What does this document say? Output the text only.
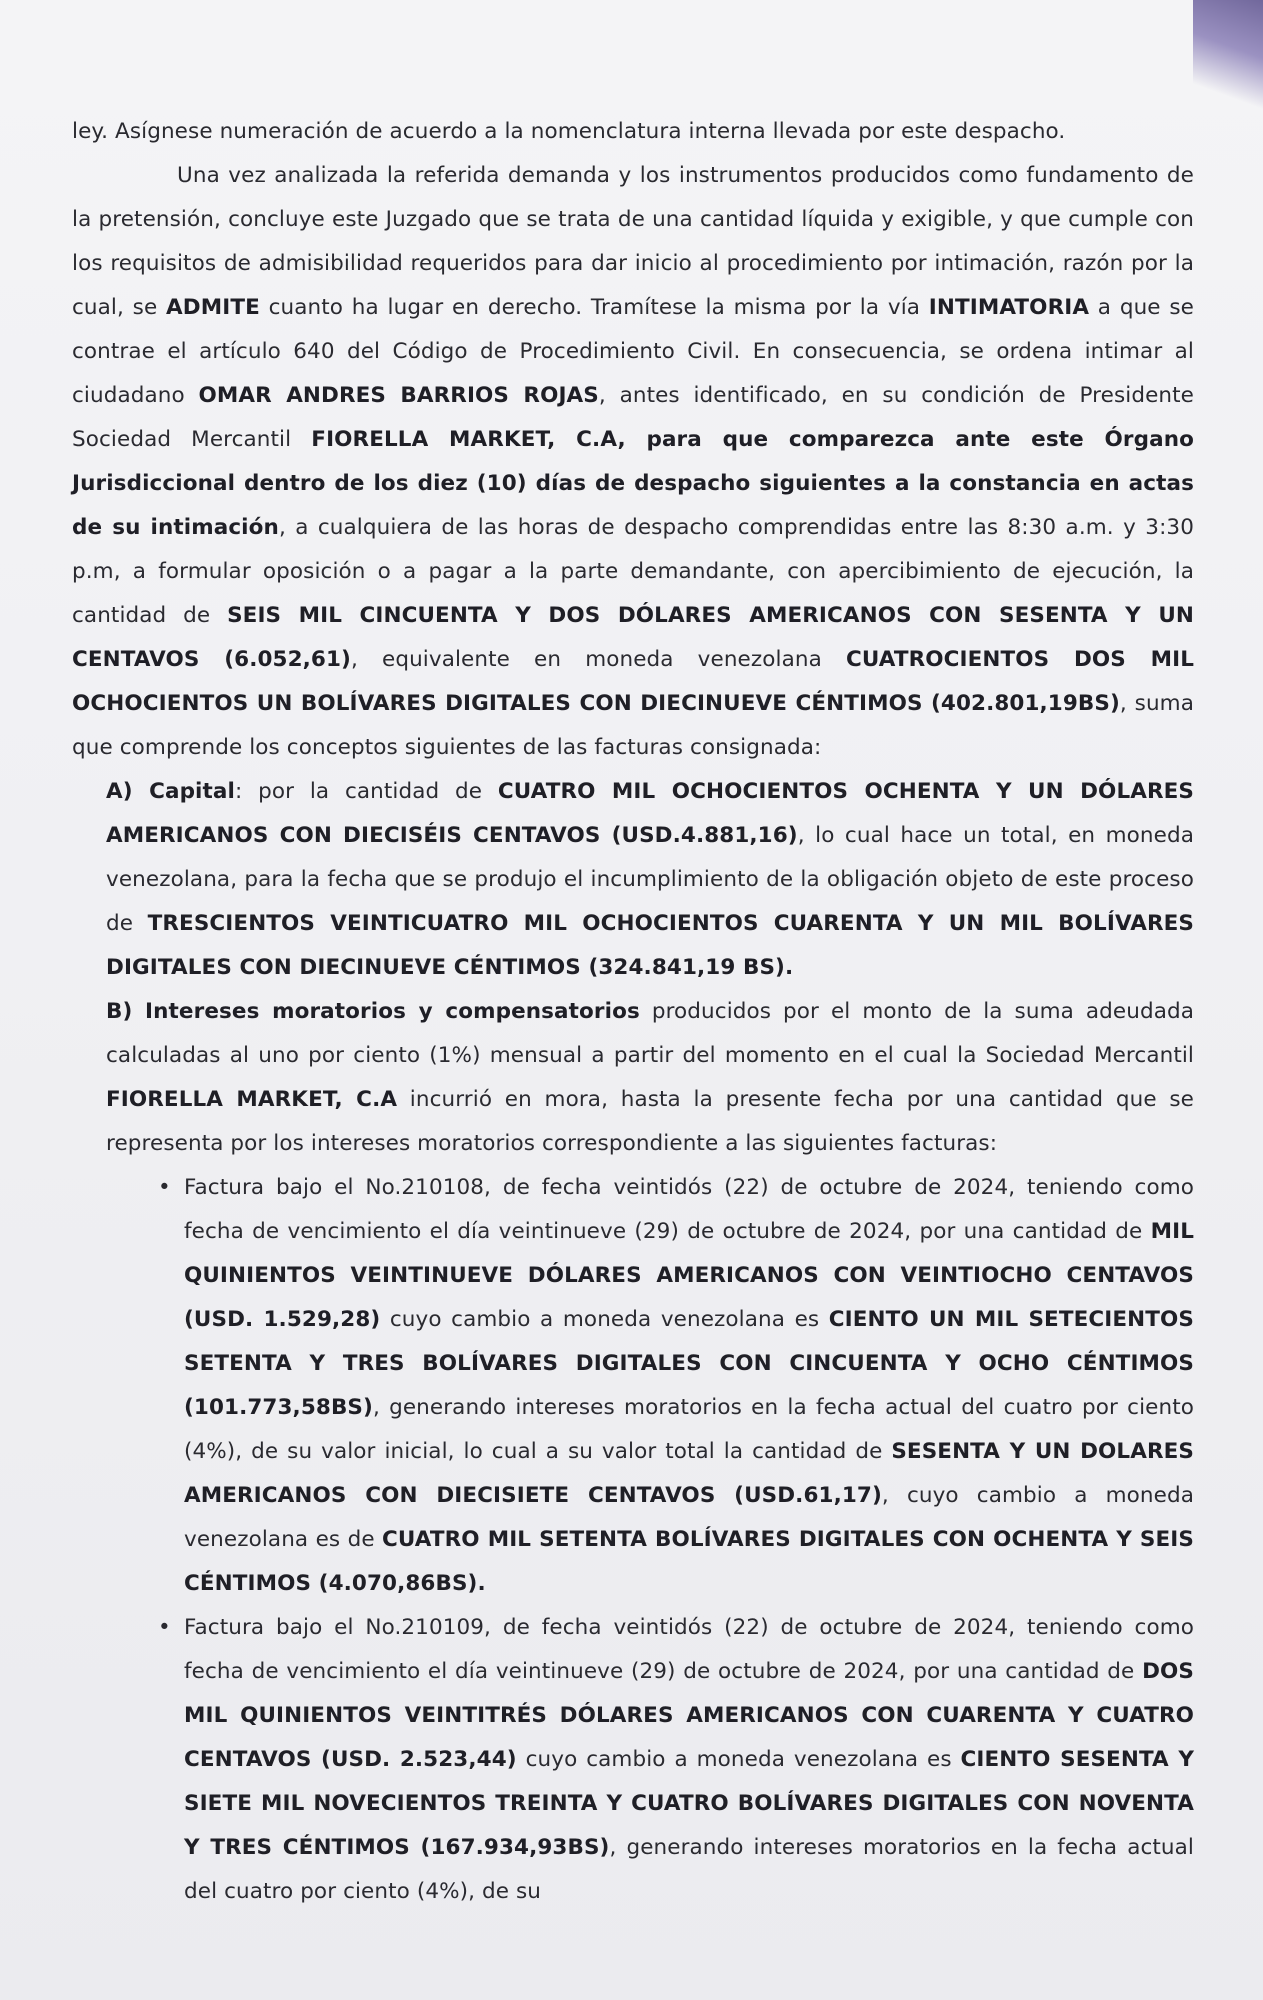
ley. Asígnese numeración de acuerdo a la nomenclatura interna llevada por este despacho.

Una vez analizada la referida demanda y los instrumentos producidos como fundamento de la pretensión, concluye este Juzgado que se trata de una cantidad líquida y exigible, y que cumple con los requisitos de admisibilidad requeridos para dar inicio al procedimiento por intimación, razón por la cual, se ADMITE cuanto ha lugar en derecho. Tramítese la misma por la vía INTIMATORIA a que se contrae el artículo 640 del Código de Procedimiento Civil. En consecuencia, se ordena intimar al ciudadano OMAR ANDRES BARRIOS ROJAS, antes identificado, en su condición de Presidente Sociedad Mercantil FIORELLA MARKET, C.A, para que comparezca ante este Órgano Jurisdiccional dentro de los diez (10) días de despacho siguientes a la constancia en actas de su intimación, a cualquiera de las horas de despacho comprendidas entre las 8:30 a.m. y 3:30 p.m, a formular oposición o a pagar a la parte demandante, con apercibimiento de ejecución, la cantidad de SEIS MIL CINCUENTA Y DOS DÓLARES AMERICANOS CON SESENTA Y UN CENTAVOS (6.052,61), equivalente en moneda venezolana CUATROCIENTOS DOS MIL OCHOCIENTOS UN BOLÍVARES DIGITALES CON DIECINUEVE CÉNTIMOS (402.801,19BS), suma que comprende los conceptos siguientes de las facturas consignada:

A) Capital: por la cantidad de CUATRO MIL OCHOCIENTOS OCHENTA Y UN DÓLARES AMERICANOS CON DIECISÉIS CENTAVOS (USD.4.881,16), lo cual hace un total, en moneda venezolana, para la fecha que se produjo el incumplimiento de la obligación objeto de este proceso de TRESCIENTOS VEINTICUATRO MIL OCHOCIENTOS CUARENTA Y UN MIL BOLÍVARES DIGITALES CON DIECINUEVE CÉNTIMOS (324.841,19 BS).

B) Intereses moratorios y compensatorios producidos por el monto de la suma adeudada calculadas al uno por ciento (1%) mensual a partir del momento en el cual la Sociedad Mercantil FIORELLA MARKET, C.A incurrió en mora, hasta la presente fecha por una cantidad que se representa por los intereses moratorios correspondiente a las siguientes facturas:

• Factura bajo el No.210108, de fecha veintidós (22) de octubre de 2024, teniendo como fecha de vencimiento el día veintinueve (29) de octubre de 2024, por una cantidad de MIL QUINIENTOS VEINTINUEVE DÓLARES AMERICANOS CON VEINTIOCHO CENTAVOS (USD. 1.529,28) cuyo cambio a moneda venezolana es CIENTO UN MIL SETECIENTOS SETENTA Y TRES BOLÍVARES DIGITALES CON CINCUENTA Y OCHO CÉNTIMOS (101.773,58BS), generando intereses moratorios en la fecha actual del cuatro por ciento (4%), de su valor inicial, lo cual a su valor total la cantidad de SESENTA Y UN DOLARES AMERICANOS CON DIECISIETE CENTAVOS (USD.61,17), cuyo cambio a moneda venezolana es de CUATRO MIL SETENTA BOLÍVARES DIGITALES CON OCHENTA Y SEIS CÉNTIMOS (4.070,86BS).
• Factura bajo el No.210109, de fecha veintidós (22) de octubre de 2024, teniendo como fecha de vencimiento el día veintinueve (29) de octubre de 2024, por una cantidad de DOS MIL QUINIENTOS VEINTITRÉS DÓLARES AMERICANOS CON CUARENTA Y CUATRO CENTAVOS (USD. 2.523,44) cuyo cambio a moneda venezolana es CIENTO SESENTA Y SIETE MIL NOVECIENTOS TREINTA Y CUATRO BOLÍVARES DIGITALES CON NOVENTA Y TRES CÉNTIMOS (167.934,93BS), generando intereses moratorios en la fecha actual del cuatro por ciento (4%), de su
